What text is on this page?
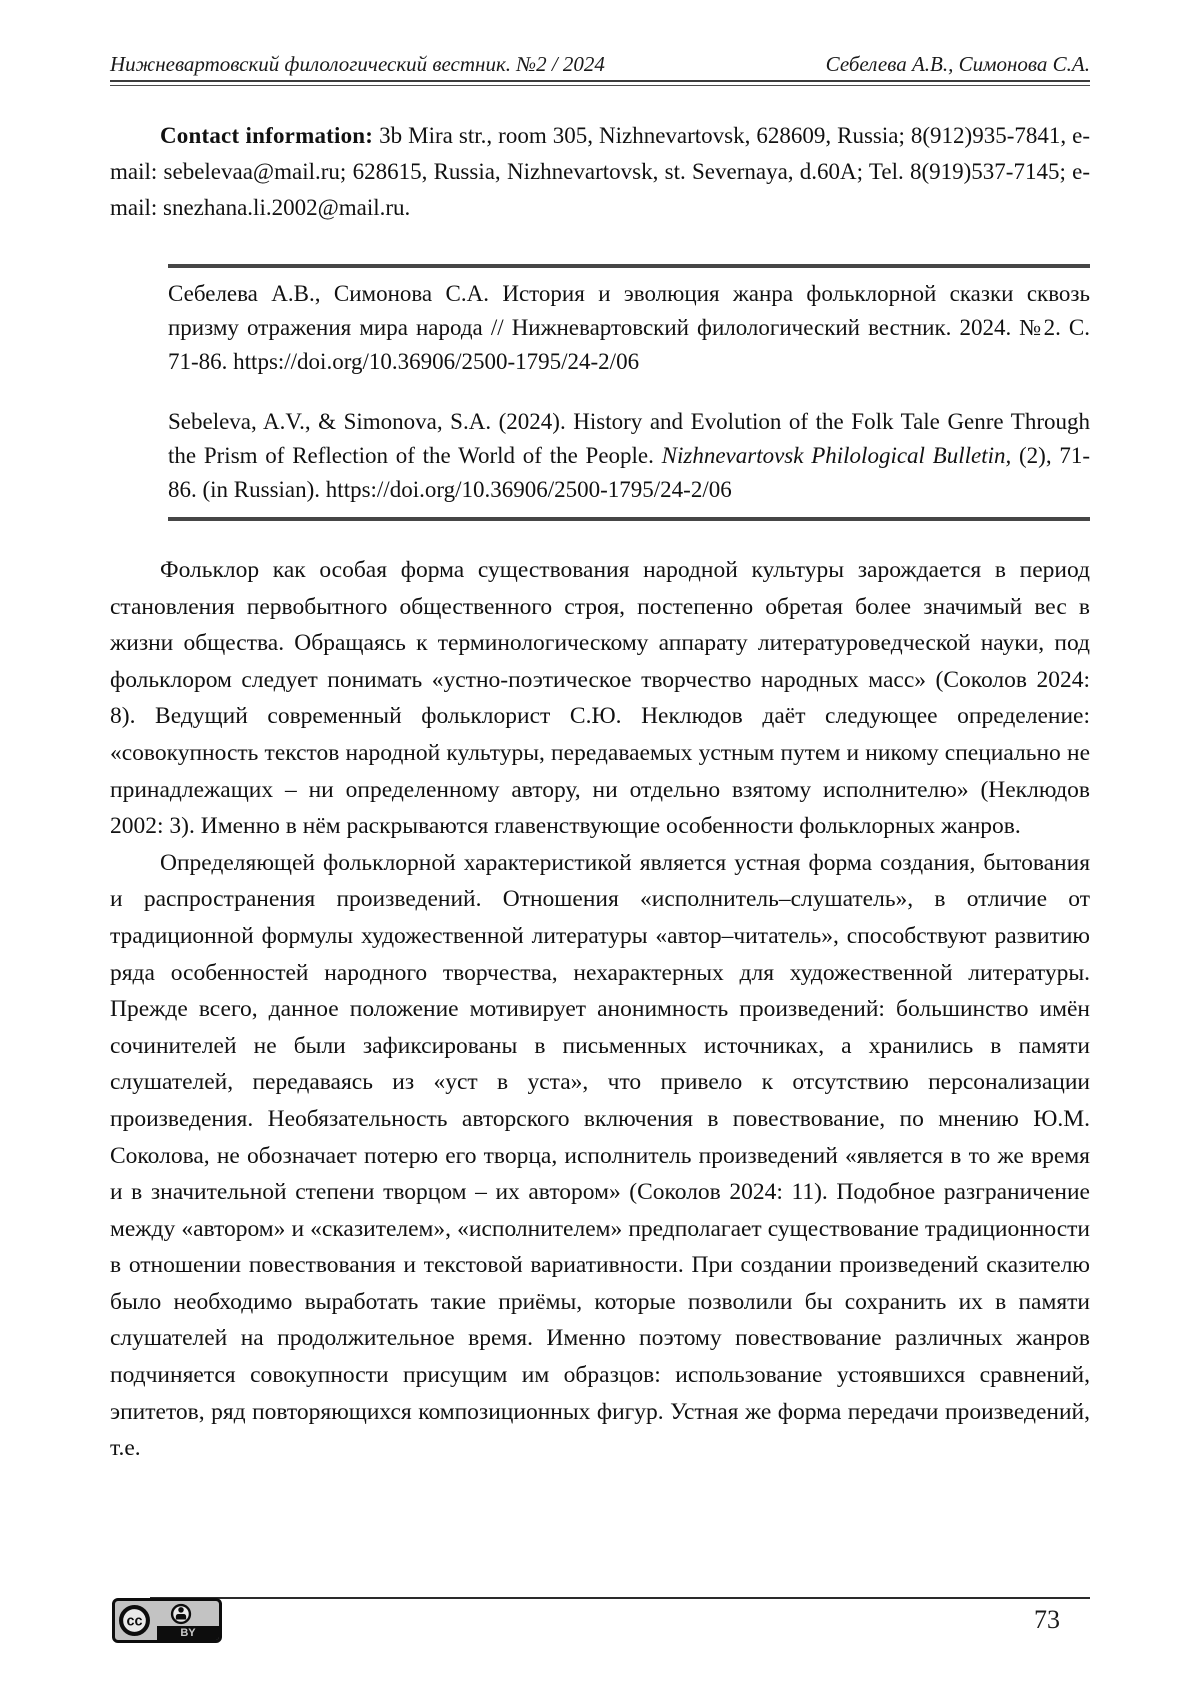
Нижневартовский филологический вестник. №2 / 2024	Себелева А.В., Симонова С.А.

Contact information: 3b Mira str., room 305, Nizhnevartovsk, 628609, Russia; 8(912)935-7841, e-mail: sebelevaa@mail.ru; 628615, Russia, Nizhnevartovsk, st. Severnaya, d.60A; Tel. 8(919)537-7145; e-mail: snezhana.li.2002@mail.ru.

Себелева А.В., Симонова С.А. История и эволюция жанра фольклорной сказки сквозь призму отражения мира народа // Нижневартовский филологический вестник. 2024. №2. С. 71-86. https://doi.org/10.36906/2500-1795/24-2/06

Sebeleva, A.V., & Simonova, S.A. (2024). History and Evolution of the Folk Tale Genre Through the Prism of Reflection of the World of the People. Nizhnevartovsk Philological Bulletin, (2), 71-86. (in Russian). https://doi.org/10.36906/2500-1795/24-2/06

Фольклор как особая форма существования народной культуры зарождается в период становления первобытного общественного строя, постепенно обретая более значимый вес в жизни общества. Обращаясь к терминологическому аппарату литературоведческой науки, под фольклором следует понимать «устно-поэтическое творчество народных масс» (Соколов 2024: 8). Ведущий современный фольклорист С.Ю. Неклюдов даёт следующее определение: «совокупность текстов народной культуры, передаваемых устным путем и никому специально не принадлежащих – ни определенному автору, ни отдельно взятому исполнителю» (Неклюдов 2002: 3). Именно в нём раскрываются главенствующие особенности фольклорных жанров.

Определяющей фольклорной характеристикой является устная форма создания, бытования и распространения произведений. Отношения «исполнитель–слушатель», в отличие от традиционной формулы художественной литературы «автор–читатель», способствуют развитию ряда особенностей народного творчества, нехарактерных для художественной литературы. Прежде всего, данное положение мотивирует анонимность произведений: большинство имён сочинителей не были зафиксированы в письменных источниках, а хранились в памяти слушателей, передаваясь из «уст в уста», что привело к отсутствию персонализации произведения. Необязательность авторского включения в повествование, по мнению Ю.М. Соколова, не обозначает потерю его творца, исполнитель произведений «является в то же время и в значительной степени творцом – их автором» (Соколов 2024: 11). Подобное разграничение между «автором» и «сказителем», «исполнителем» предполагает существование традиционности в отношении повествования и текстовой вариативности. При создании произведений сказителю было необходимо выработать такие приёмы, которые позволили бы сохранить их в памяти слушателей на продолжительное время. Именно поэтому повествование различных жанров подчиняется совокупности присущим им образцов: использование устоявшихся сравнений, эпитетов, ряд повторяющихся композиционных фигур. Устная же форма передачи произведений, т.е.

cc
BY	73
